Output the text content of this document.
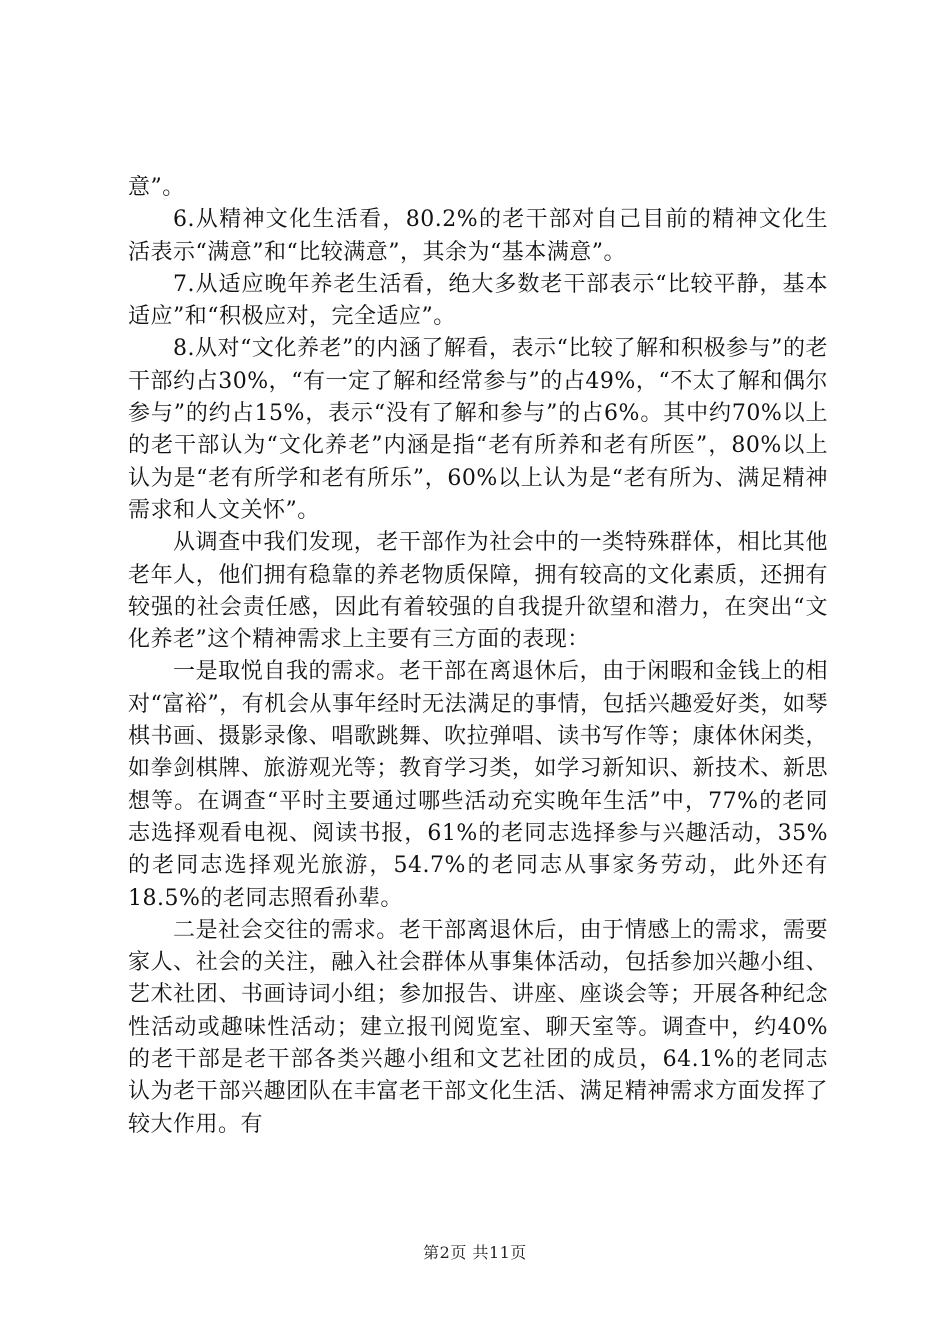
意”。

6.从精神文化生活看，80.2%的老干部对自己目前的精神文化生活表示“满意”和“比较满意”，其余为“基本满意”。

7.从适应晚年养老生活看，绝大多数老干部表示“比较平静，基本适应”和“积极应对，完全适应”。

8.从对“文化养老”的内涵了解看，表示“比较了解和积极参与”的老干部约占30%，“有一定了解和经常参与”的占49%，“不太了解和偶尔参与”的约占15%，表示“没有了解和参与”的占6%。其中约70%以上的老干部认为“文化养老”内涵是指“老有所养和老有所医”，80%以上认为是“老有所学和老有所乐”，60%以上认为是“老有所为、满足精神需求和人文关怀”。

从调查中我们发现，老干部作为社会中的一类特殊群体，相比其他老年人，他们拥有稳靠的养老物质保障，拥有较高的文化素质，还拥有较强的社会责任感，因此有着较强的自我提升欲望和潜力，在突出“文化养老”这个精神需求上主要有三方面的表现：

一是取悦自我的需求。老干部在离退休后，由于闲暇和金钱上的相对“富裕”，有机会从事年经时无法满足的事情，包括兴趣爱好类，如琴棋书画、摄影录像、唱歌跳舞、吹拉弹唱、读书写作等；康体休闲类，如拳剑棋牌、旅游观光等；教育学习类，如学习新知识、新技术、新思想等。在调查“平时主要通过哪些活动充实晚年生活”中，77%的老同志选择观看电视、阅读书报，61%的老同志选择参与兴趣活动，35%的老同志选择观光旅游，54.7%的老同志从事家务劳动，此外还有18.5%的老同志照看孙辈。

二是社会交往的需求。老干部离退休后，由于情感上的需求，需要家人、社会的关注，融入社会群体从事集体活动，包括参加兴趣小组、艺术社团、书画诗词小组；参加报告、讲座、座谈会等；开展各种纪念性活动或趣味性活动；建立报刊阅览室、聊天室等。调查中，约40%的老干部是老干部各类兴趣小组和文艺社团的成员，64.1%的老同志认为老干部兴趣团队在丰富老干部文化生活、满足精神需求方面发挥了较大作用。有

第2页 共11页
